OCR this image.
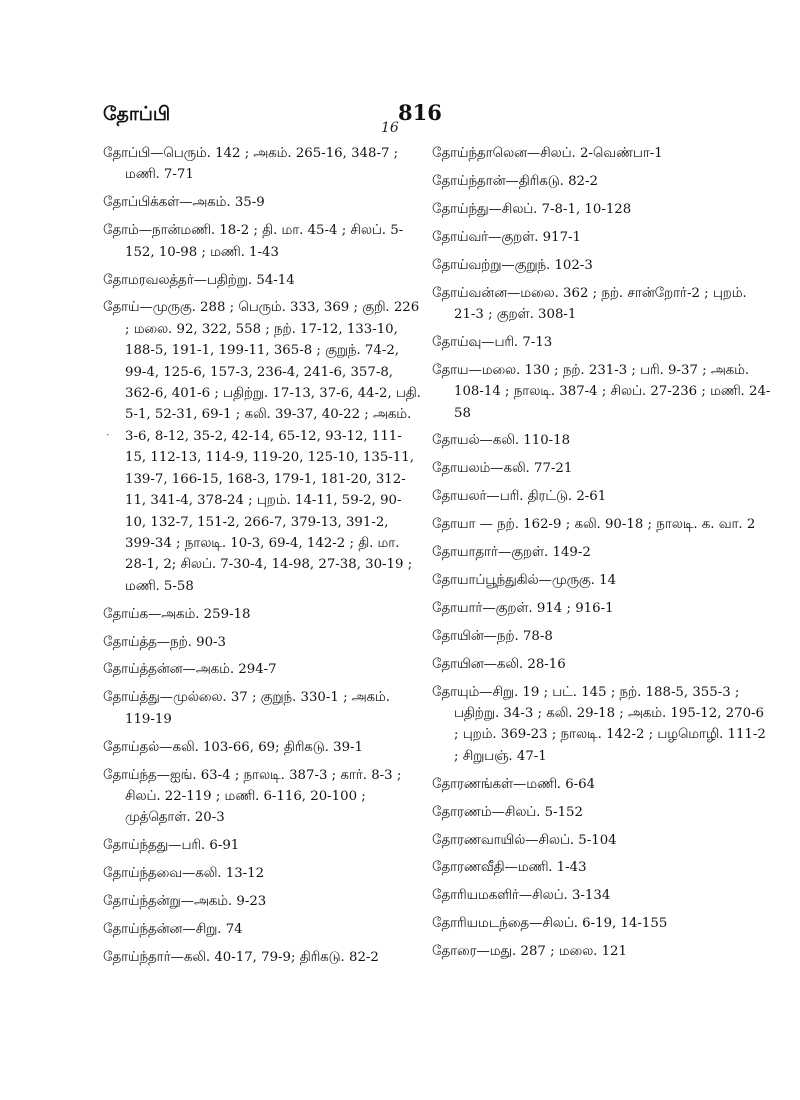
தோப்பி	816
16
ˏ
தோப்பி—பெரும். 142 ; அகம். 265-16, 348-7 ; மணி. 7-71
தோப்பிக்கள்—அகம். 35-9
தோம்—நான்மணி. 18-2 ; தி. மா. 45-4 ; சிலப். 5-152, 10-98 ; மணி. 1-43
தோமரவலத்தர்—பதிற்று. 54-14
தோய்—முருகு. 288 ; பெரும். 333, 369 ; குறி. 226 ; மலை. 92, 322, 558 ; நற். 17-12, 133-10, 188-5, 191-1, 199-11, 365-8 ; குறுந். 74-2, 99-4, 125-6, 157-3, 236-4, 241-6, 357-8, 362-6, 401-6 ; பதிற்று. 17-13, 37-6, 44-2, பதி. 5-1, 52-31, 69-1 ; கலி. 39-37, 40-22 ; அகம். 3-6, 8-12, 35-2, 42-14, 65-12, 93-12, 111-15, 112-13, 114-9, 119-20, 125-10, 135-11, 139-7, 166-15, 168-3, 179-1, 181-20, 312-11, 341-4, 378-24 ; புறம். 14-11, 59-2, 90-10, 132-7, 151-2, 266-7, 379-13, 391-2, 399-34 ; நாலடி. 10-3, 69-4, 142-2 ; தி. மா. 28-1, 2; சிலப். 7-30-4, 14-98, 27-38, 30-19 ; மணி. 5-58
தோய்க—அகம். 259-18
தோய்த்த—நற். 90-3
தோய்த்தன்ன—அகம். 294-7
தோய்த்து—முல்லை. 37 ; குறுந். 330-1 ; அகம். 119-19
தோய்தல்—கலி. 103-66, 69; திரிகடு. 39-1
தோய்ந்த—ஐங். 63-4 ; நாலடி. 387-3 ; கார். 8-3 ; சிலப். 22-119 ; மணி. 6-116, 20-100 ; முத்தொள். 20-3
தோய்ந்தது—பரி. 6-91
தோய்ந்தவை—கலி. 13-12
தோய்ந்தன்று—அகம். 9-23
தோய்ந்தன்ன—சிறு. 74
தோய்ந்தார்—கலி. 40-17, 79-9; திரிகடு. 82-2
தோய்ந்தாலென—சிலப். 2-வெண்பா-1
தோய்ந்தான்—திரிகடு. 82-2
தோய்ந்து—சிலப். 7-8-1, 10-128
தோய்வர்—குறள். 917-1
தோய்வற்று—குறுந். 102-3
தோய்வன்ன—மலை. 362 ; நற். சான்றோர்-2 ; புறம். 21-3 ; குறள். 308-1
தோய்வு—பரி. 7-13
தோய—மலை. 130 ; நற். 231-3 ; பரி. 9-37 ; அகம். 108-14 ; நாலடி. 387-4 ; சிலப். 27-236 ; மணி. 24-58
தோயல்—கலி. 110-18
தோயலம்—கலி. 77-21
தோயலர்—பரி. திரட்டு. 2-61
தோயா — நற். 162-9 ; கலி. 90-18 ; நாலடி. க. வா. 2
தோயாதார்—குறள். 149-2
தோயாப்பூந்துகில்—முருகு. 14
தோயார்—குறள். 914 ; 916-1
தோயின்—நற். 78-8
தோயின—கலி. 28-16
தோயும்—சிறு. 19 ; பட். 145 ; நற். 188-5, 355-3 ; பதிற்று. 34-3 ; கலி. 29-18 ; அகம். 195-12, 270-6 ; புறம். 369-23 ; நாலடி. 142-2 ; பழமொழி. 111-2 ; சிறுபஞ். 47-1
தோரணங்கள்—மணி. 6-64
தோரணம்—சிலப். 5-152
தோரணவாயில்—சிலப். 5-104
தோரணவீதி—மணி. 1-43
தோரியமகளிர்—சிலப். 3-134
தோரியமடந்தை—சிலப். 6-19, 14-155
தோரை—மது. 287 ; மலை. 121
